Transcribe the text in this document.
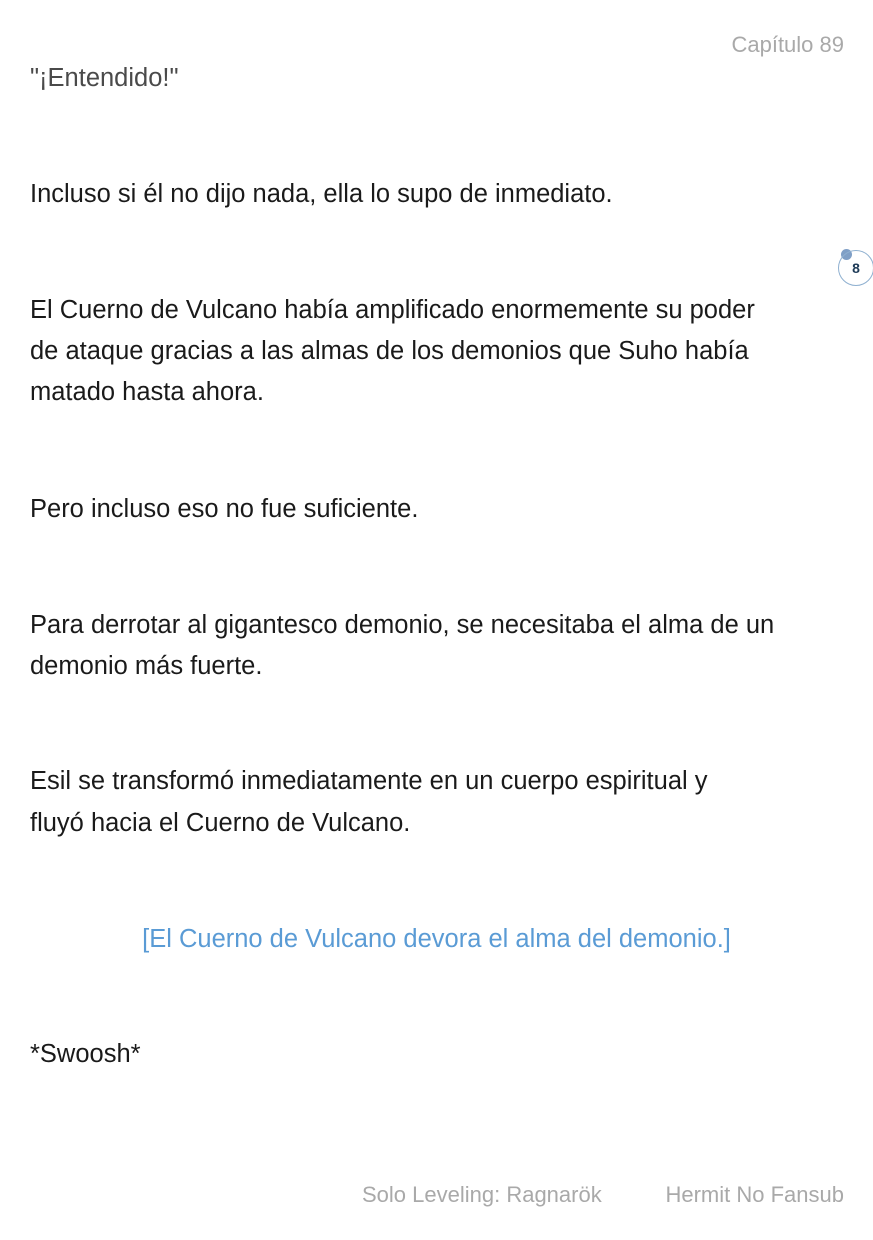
Capítulo 89
"¡Entendido!"
Incluso si él no dijo nada, ella lo supo de inmediato.
8
El Cuerno de Vulcano había amplificado enormemente su poder
de ataque gracias a las almas de los demonios que Suho había
matado hasta ahora.
Pero incluso eso no fue suficiente.
Para derrotar al gigantesco demonio, se necesitaba el alma de un
demonio más fuerte.
Esil se transformó inmediatamente en un cuerpo espiritual y
fluyó hacia el Cuerno de Vulcano.
[El Cuerno de Vulcano devora el alma del demonio.]
*Swoosh*
Solo Leveling: Ragnarök	Hermit No Fansub
